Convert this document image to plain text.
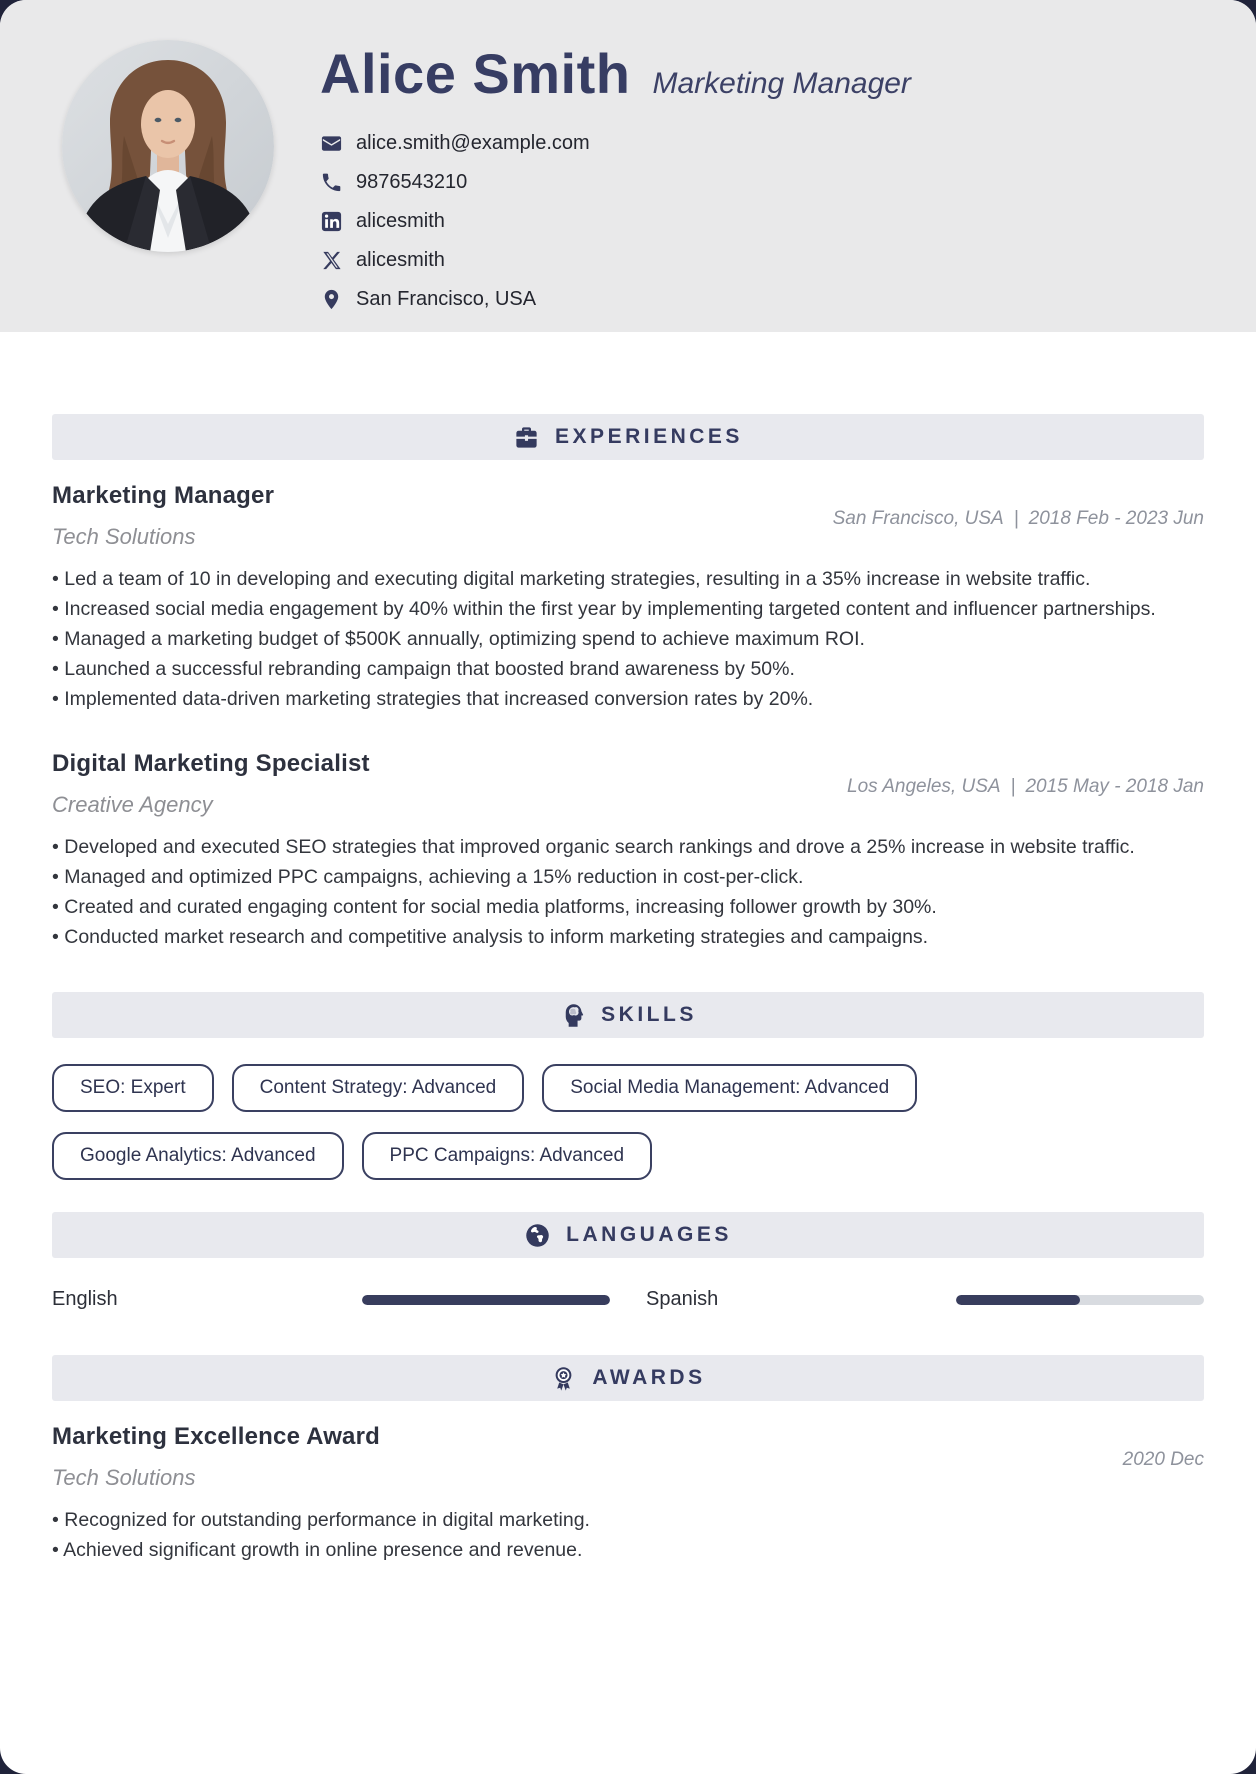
Alice Smith Marketing Manager
alice.smith@example.com
9876543210
alicesmith
alicesmith
San Francisco, USA
EXPERIENCES
Marketing Manager
Tech Solutions
San Francisco, USA | 2018 Feb - 2023 Jun
• Led a team of 10 in developing and executing digital marketing strategies, resulting in a 35% increase in website traffic.
• Increased social media engagement by 40% within the first year by implementing targeted content and influencer partnerships.
• Managed a marketing budget of $500K annually, optimizing spend to achieve maximum ROI.
• Launched a successful rebranding campaign that boosted brand awareness by 50%.
• Implemented data-driven marketing strategies that increased conversion rates by 20%.
Digital Marketing Specialist
Creative Agency
Los Angeles, USA | 2015 May - 2018 Jan
• Developed and executed SEO strategies that improved organic search rankings and drove a 25% increase in website traffic.
• Managed and optimized PPC campaigns, achieving a 15% reduction in cost-per-click.
• Created and curated engaging content for social media platforms, increasing follower growth by 30%.
• Conducted market research and competitive analysis to inform marketing strategies and campaigns.
SKILLS
SEO: Expert	Content Strategy: Advanced	Social Media Management: Advanced
Google Analytics: Advanced	PPC Campaigns: Advanced
LANGUAGES
English	Spanish
AWARDS
Marketing Excellence Award
Tech Solutions
2020 Dec
• Recognized for outstanding performance in digital marketing.
• Achieved significant growth in online presence and revenue.
